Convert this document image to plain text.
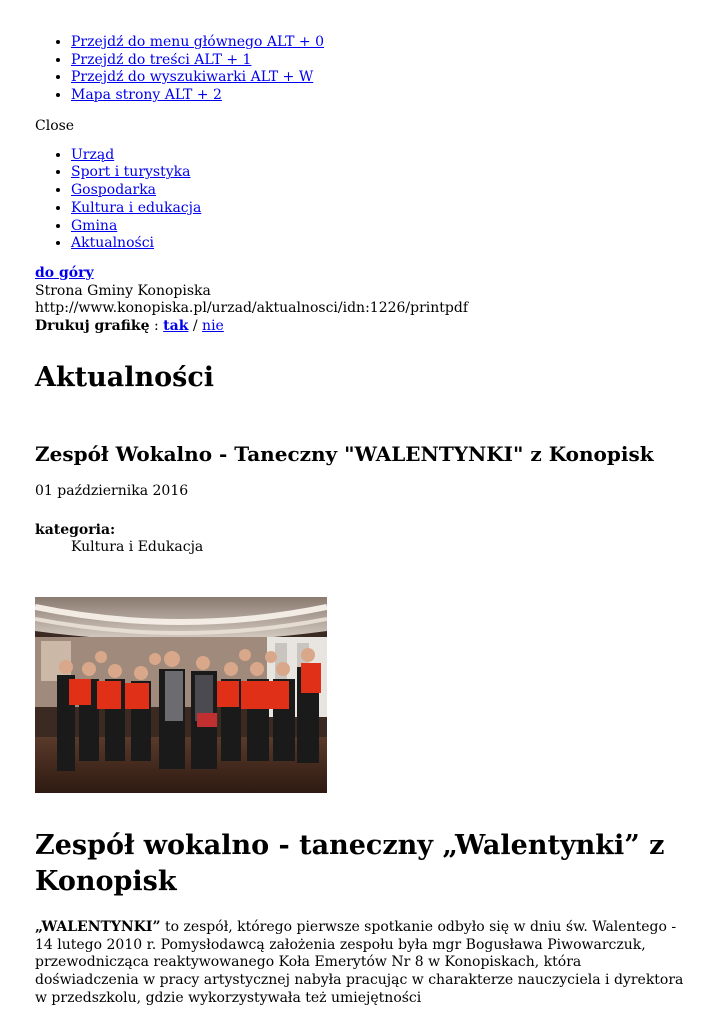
• Przejdź do menu głównego ALT + 0
• Przejdź do treści ALT + 1
• Przejdź do wyszukiwarki ALT + W
• Mapa strony ALT + 2
Close
• Urząd
• Sport i turystyka
• Gospodarka
• Kultura i edukacja
• Gmina
• Aktualności
do góry
Strona Gminy Konopiska
http://www.konopiska.pl/urzad/aktualnosci/idn:1226/printpdf
Drukuj grafikę : tak / nie
Aktualności
Zespół Wokalno - Taneczny "WALENTYNKI" z Konopisk
01 października 2016
kategoria:
Kultura i Edukacja
Zespół wokalno - taneczny „Walentynki” z Konopisk
„WALENTYNKI” to zespół, którego pierwsze spotkanie odbyło się w dniu św. Walentego - 14 lutego 2010 r. Pomysłodawcą założenia zespołu była mgr Bogusława Piwowarczuk, przewodnicząca reaktywowanego Koła Emerytów Nr 8 w Konopiskach, która doświadczenia w pracy artystycznej nabyła pracując w charakterze nauczyciela i dyrektora w przedszkolu, gdzie wykorzystywała też umiejętności
